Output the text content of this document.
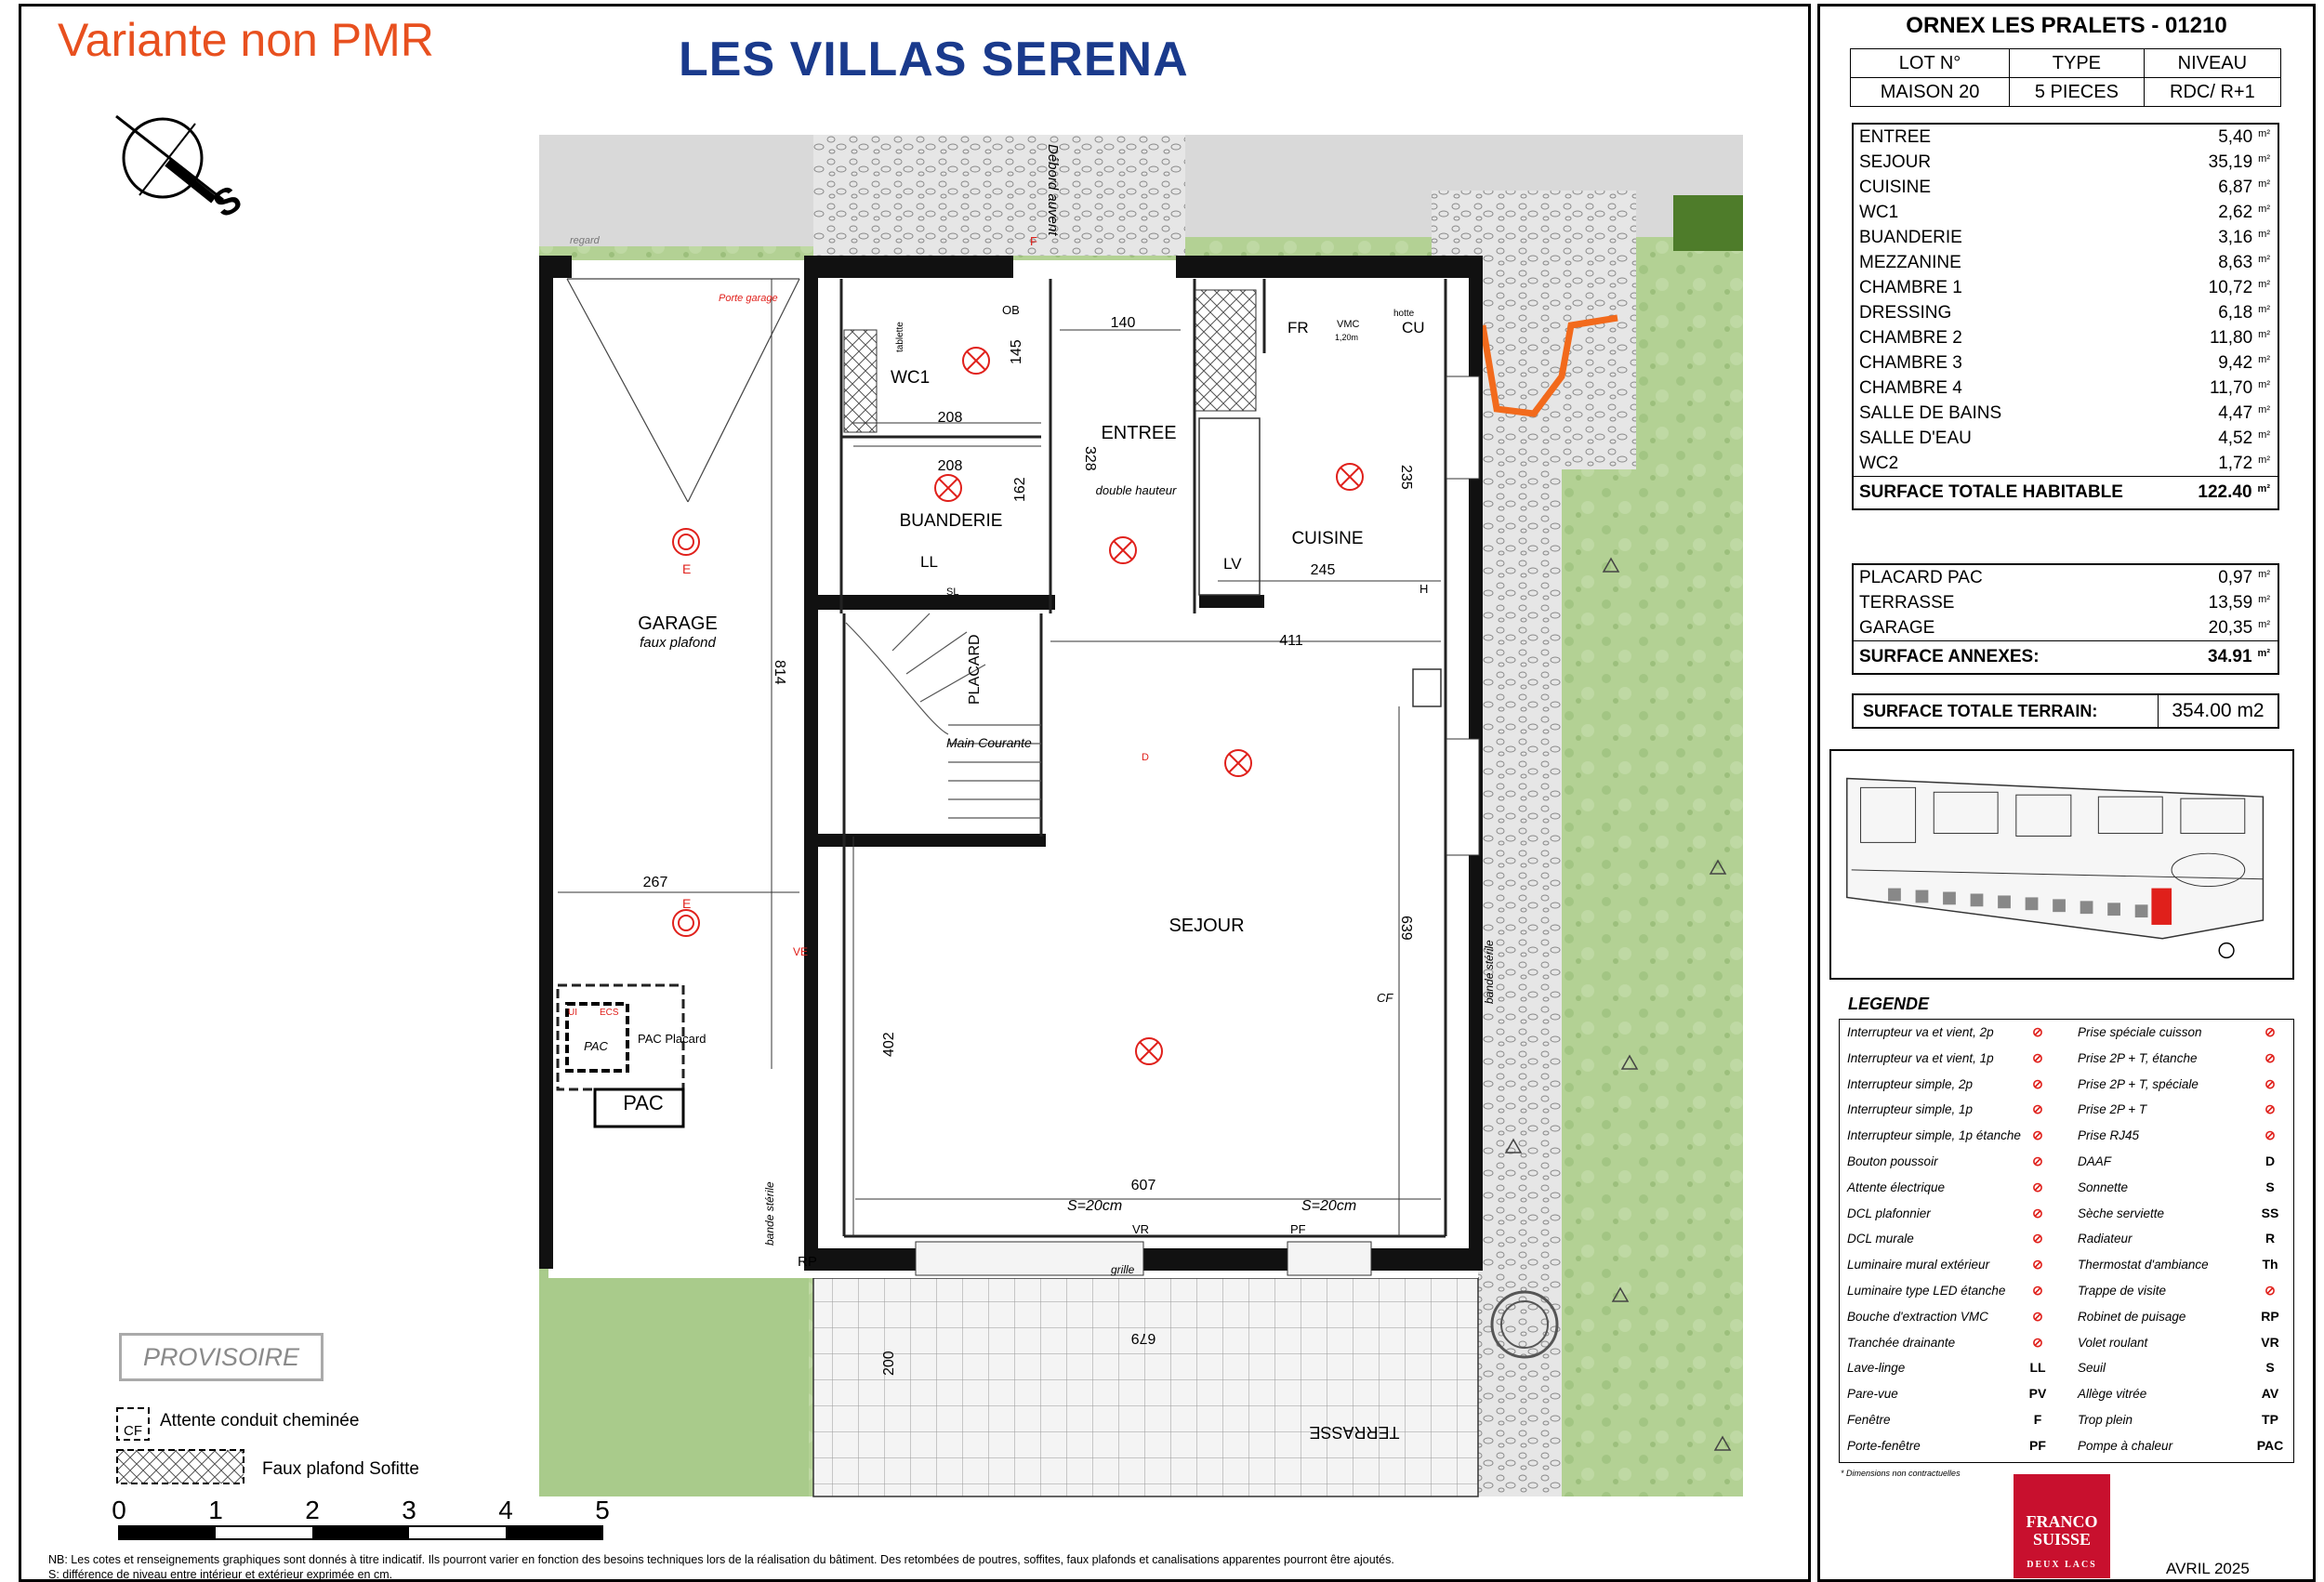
Variante non PMR	LES VILLAS SERENA
S
GARAGE
faux plafond
WC1
ENTREE
double hauteur
BUANDERIE
CUISINE
SEJOUR
TERRASSE
PLACARD
PAC
PAC
PAC Placard
Main Courante
Débord auvent
Porte garage
bande stérile
bande stérile
regard
VMC
1,20m
hotte
tablette
grille
FR	CU
LL	LV
CF
VR	PF
RP
OB
E
E
VE
D
H
SL
F
UI ECS
140
208
208
145
328
162
245
235
411
814
267
639
402
607
679
200
S=20cm	S=20cm
CF
0	1	2	3	4	5
PROVISOIRE
Attente conduit cheminée
Faux plafond Sofitte
NB: Les cotes et renseignements graphiques sont donnés à titre indicatif. Ils pourront varier en fonction des besoins techniques lors de la réalisation du bâtiment. Des retombées de poutres, soffites, faux plafonds et canalisations apparentes pourront être ajoutés.
S: différence de niveau entre intérieur et extérieur exprimée en cm.
ORNEX LES PRALETS - 01210
LOT N°	TYPE	NIVEAU
MAISON 20	5 PIECES	RDC/ R+1
ENTREE	5,40 m²
SEJOUR	35,19 m²
CUISINE	6,87 m²
WC1	2,62 m²
BUANDERIE	3,16 m²
MEZZANINE	8,63 m²
CHAMBRE 1	10,72 m²
DRESSING	6,18 m²
CHAMBRE 2	11,80 m²
CHAMBRE 3	9,42 m²
CHAMBRE 4	11,70 m²
SALLE DE BAINS	4,47 m²
SALLE D'EAU	4,52 m²
WC2	1,72 m²
SURFACE TOTALE HABITABLE	122.40 m²
PLACARD PAC	0,97 m²
TERRASSE	13,59 m²
GARAGE	20,35 m²
SURFACE ANNEXES:	34.91 m²
SURFACE TOTALE TERRAIN:	354.00 m2
LEGENDE
Interrupteur va et vient, 2p	⊘
Interrupteur va et vient, 1p	⊘
Interrupteur simple, 2p	⊘
Interrupteur simple, 1p	⊘
Interrupteur simple, 1p étanche ⊘
Bouton poussoir	⊘
Attente électrique	⊘
DCL plafonnier	⊘
DCL murale	⊘
Luminaire mural extérieur	⊘
Luminaire type LED étanche	⊘
Bouche d'extraction VMC	⊘
Tranchée drainante	⊘
Lave-linge	LL
Pare-vue	PV
Fenêtre	F
Porte-fenêtre	PF
Prise spéciale cuisson	⊘
Prise 2P + T, étanche	⊘
Prise 2P + T, spéciale	⊘
Prise 2P + T	⊘
Prise RJ45	⊘
DAAF	D
Sonnette	S
Sèche serviette	SS
Radiateur	R
Thermostat d'ambiance	Th
Trappe de visite	⊘
Robinet de puisage	RP
Volet roulant	VR
Seuil	S
Allège vitrée	AV
Trop plein	TP
Pompe à chaleur	PAC
* Dimensions non contractuelles
FRANCO
SUISSE
DEUX LACS	AVRIL 2025
